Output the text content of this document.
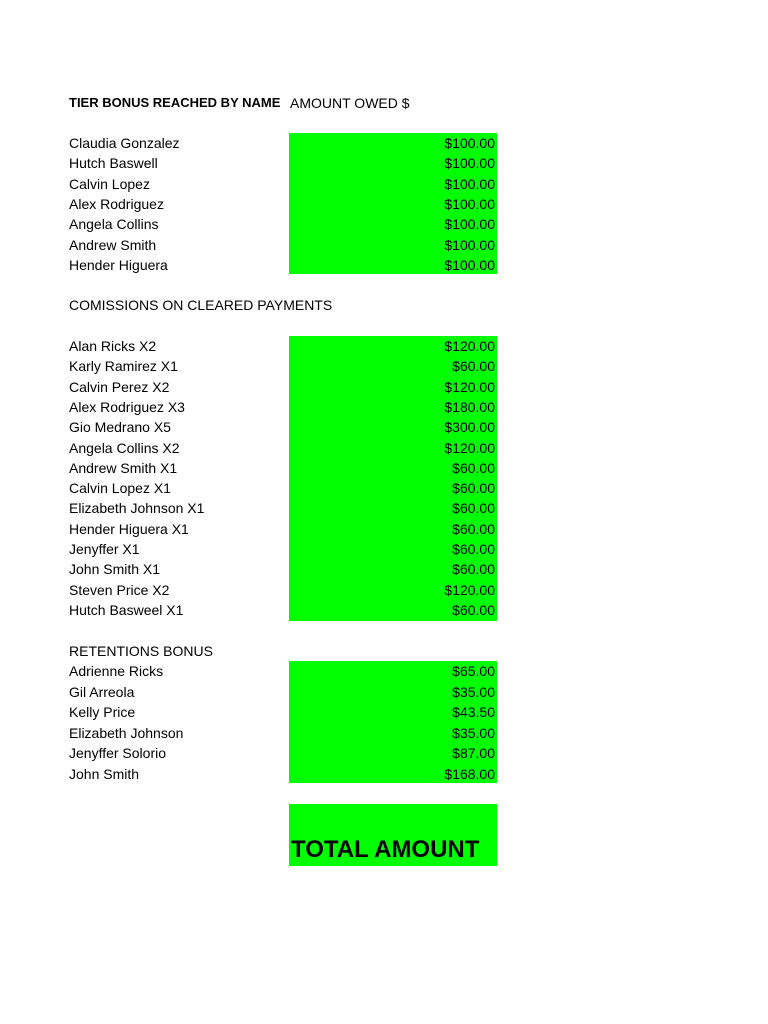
TIER BONUS REACHED BY NAME AMOUNT OWED $
Claudia Gonzalez	$100.00
Hutch Baswell	$100.00
Calvin Lopez	$100.00
Alex Rodriguez	$100.00
Angela Collins	$100.00
Andrew Smith	$100.00
Hender Higuera	$100.00
COMISSIONS ON CLEARED PAYMENTS
Alan Ricks X2	$120.00
Karly Ramirez X1	$60.00
Calvin Perez X2	$120.00
Alex Rodriguez X3	$180.00
Gio Medrano X5	$300.00
Angela Collins X2	$120.00
Andrew Smith X1	$60.00
Calvin Lopez X1	$60.00
Elizabeth Johnson X1	$60.00
Hender Higuera X1	$60.00
Jenyffer X1	$60.00
John Smith X1	$60.00
Steven Price X2	$120.00
Hutch Basweel X1	$60.00
RETENTIONS BONUS
Adrienne Ricks	$65.00
Gil Arreola	$35.00
Kelly Price	$43.50
Elizabeth Johnson	$35.00
Jenyffer Solorio	$87.00
John Smith	$168.00
TOTAL AMOUNT
